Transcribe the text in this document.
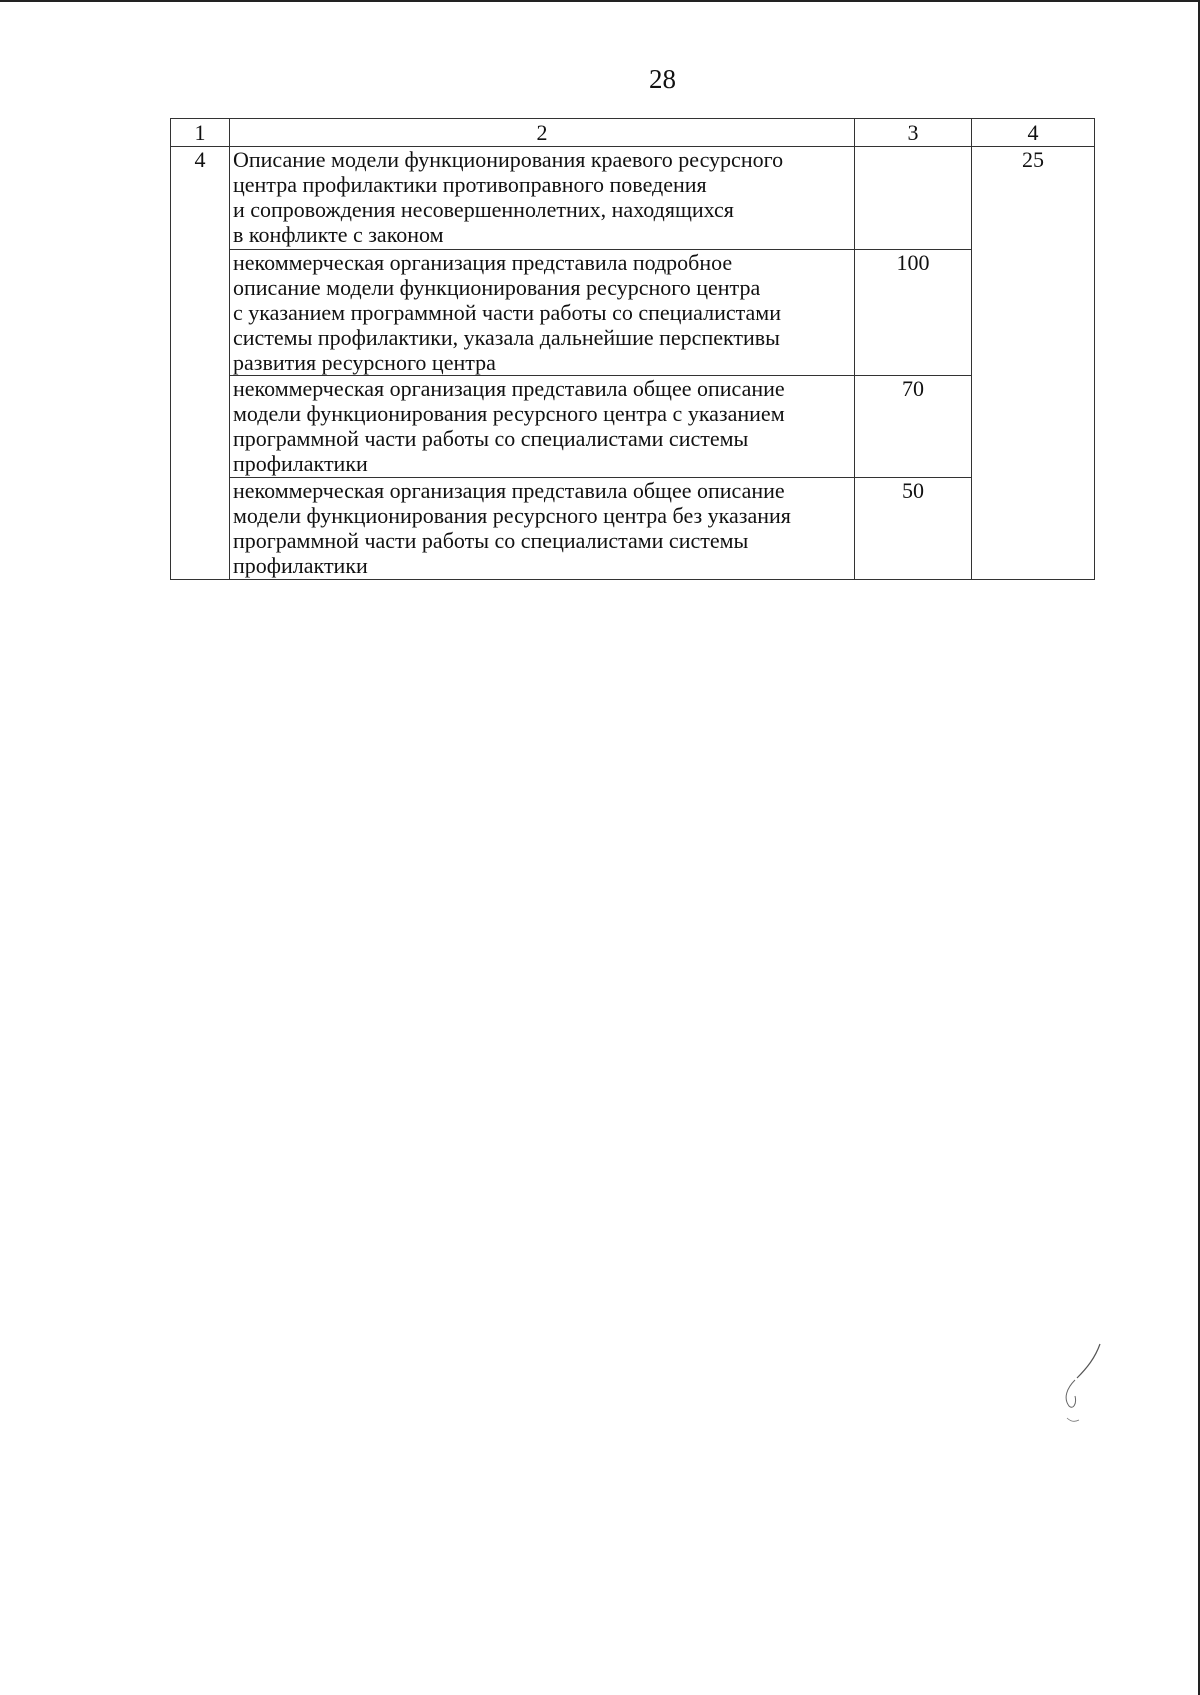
28
1	2	3	4
4	Описание модели функционирования краевого ресурсного
центра профилактики противоправного поведения
и сопровождения несовершеннолетних, находящихся
в конфликте с законом		25

	некоммерческая организация представила подробное
описание модели функционирования ресурсного центра
с указанием программной части работы со специалистами
системы профилактики, указала дальнейшие перспективы
развития ресурсного центра	100	

	некоммерческая организация представила общее описание
модели функционирования ресурсного центра с указанием
программной части работы со специалистами системы
профилактики	70	

	некоммерческая организация представила общее описание
модели функционирования ресурсного центра без указания
программной части работы со специалистами системы
профилактики	50	
